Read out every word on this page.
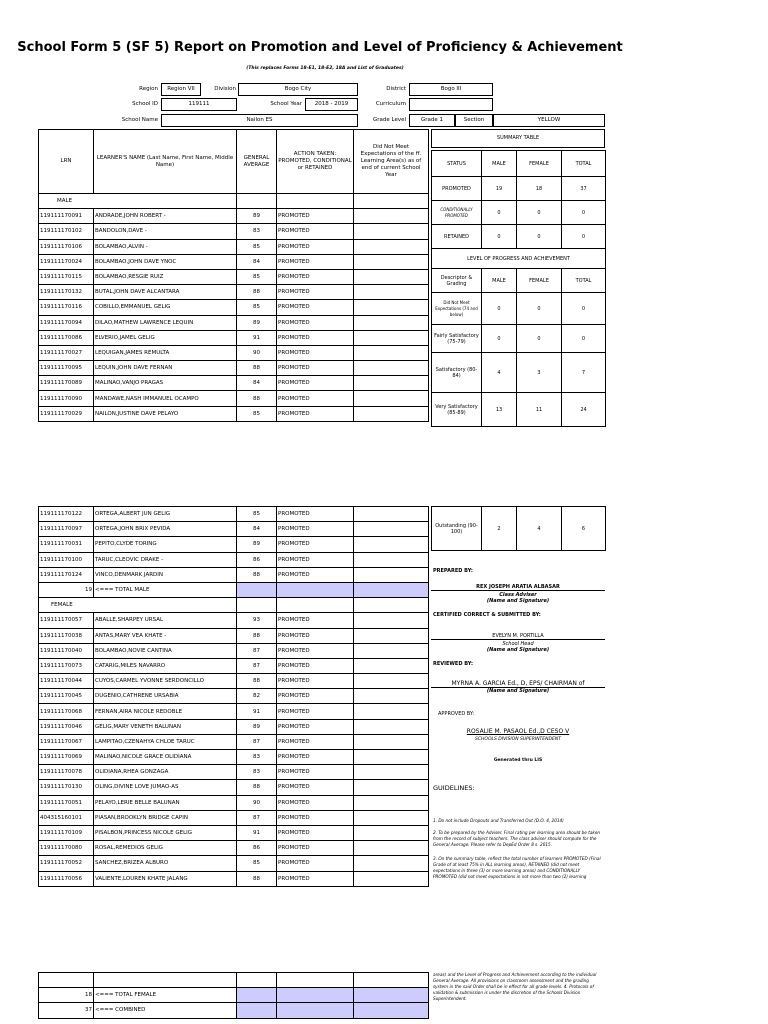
School Form 5 (SF 5) Report on Promotion and Level of Proficiency & Achievement
(This replaces Forms 18-E1, 18-E2, 18A and List of Graduates)
Region	Region VII	Division	Bogo City	District	Bogo III
School ID	119111	School Year	2018 - 2019	Curriculum
School Name	Nailon ES	Grade Level	Grade 1	Section	YELLOW
LRN	LEARNER'S NAME (Last Name, First Name, Middle Name)	GENERAL AVERAGE	ACTION TAKEN: PROMOTED, CONDITIONAL or RETAINED	Did Not Meet Expectations of the ff. Learning Area(s) as of end of current School Year
MALE				
119111170091	ANDRADE,JOHN ROBERT -	89	PROMOTED	
119111170102	BANDOLON,DAVE -	83	PROMOTED	
119111170106	BOLAMBAO,ALVIN -	85	PROMOTED	
119111170024	BOLAMBAO,JOHN DAVE YNOC	84	PROMOTED	
119111170115	BOLAMBAO,RESGIE RUIZ	85	PROMOTED	
119111170132	BUTAL,JOHN DAVE ALCANTARA	88	PROMOTED	
119111170116	COBILLO,EMMANUEL GELIG	85	PROMOTED	
119111170094	DILAO,MATHEW LAWRENCE LEQUIN	89	PROMOTED	
119111170086	ELVERIO,JAMEL GELIG	91	PROMOTED	
119111170027	LEQUIGAN,JAMES REMULTA	90	PROMOTED	
119111170095	LEQUIN,JOHN DAVE FERNAN	88	PROMOTED	
119111170089	MALINAO,VANJO PRAGAS	84	PROMOTED	
119111170090	MANDAWE,NASH IMMANUEL OCAMPO	88	PROMOTED	
119111170029	NAILON,JUSTINE DAVE PELAYO	85	PROMOTED	
119111170122	ORTEGA,ALBERT JUN GELIG	85	PROMOTED	
119111170097	ORTEGA,JOHN BRIX PEVIDA	84	PROMOTED	
119111170031	PEPITO,CLYDE TORING	89	PROMOTED	
119111170100	TARUC,CLEOVIC DRAKE -	86	PROMOTED	
119111170124	VINCO,DENMARK JARDIN	88	PROMOTED	
19	<=== TOTAL MALE			
FEMALE				
119111170057	ABALLE,SHARPEY URSAL	93	PROMOTED	
119111170038	ANTAS,MARY VEA KHATE -	88	PROMOTED	
119111170040	BOLAMBAO,NOVIE CANTINA	87	PROMOTED	
119111170073	CATARIG,MILES NAVARRO	87	PROMOTED	
119111170044	CUYOS,CARMEL YVONNE SERDONCILLO	88	PROMOTED	
119111170045	DUGENIO,CATHRENE URSABIA	82	PROMOTED	
119111170068	FERNAN,AIRA NICOLE REDOBLE	91	PROMOTED	
119111170046	GELIG,MARY VENETH BALUNAN	89	PROMOTED	
119111170067	LAMPITAO,CZENAHYA CHLOE TARUC	87	PROMOTED	
119111170069	MALINAO,NICOLE GRACE OLIDIANA	83	PROMOTED	
119111170078	OLIDIANA,RHEA GONZAGA	83	PROMOTED	
119111170130	OLING,DIVINE LOVE JUMAO-AS	88	PROMOTED	
119111170051	PELAYO,LERIE BELLE BALUNAN	90	PROMOTED	
404315160101	PIASAN,BROOKLYN BRIDGE CAPIN	87	PROMOTED	
119111170109	PISALBON,PRINCESS NICOLE GELIG	91	PROMOTED	
119111170080	ROSAL,REMEDIOS GELIG	86	PROMOTED	
119111170052	SANCHEZ,BRIZEA ALBURO	85	PROMOTED	
119111170056	VALIENTE,LOUREN KHATE JALANG	88	PROMOTED	

18	<=== TOTAL FEMALE			
37	<=== COMBINED			
SUMMARY TABLE
STATUS	MALE	FEMALE	TOTAL
PROMOTED	19	18	37
CONDITIONALLY PROMOTED	0	0	0
RETAINED	0	0	0
LEVEL OF PROGRESS AND ACHIEVEMENT			
Descriptor & Grading	MALE	FEMALE	TOTAL
Did Not Meet Expectations (74 and below)	0	0	0
Fairly Satisfactory (75-79)	0	0	0
Satisfactory (80-84)	4	3	7
Very Satisfactory (85-89)	13	11	24
Outstanding (90-100)	2	4	6
PREPARED BY:
REX JOSEPH ARATIA ALBASAR
Class Adviser
(Name and Signature)
CERTIFIED CORRECT & SUBMITTED BY:
EVELYN M. PORTILLA
School Head
(Name and Signature)
REVIEWED BY:
MYRNA A. GARCIA Ed., D, EPS/ CHAIRMAN of
(Name and Signature)
APPROVED BY:
ROSALIE M. PASAOL Ed.,D CESO V
SCHOOLS DIVISION SUPERINTENDENT
Generated thru LIS
GUIDELINES:
1. Do not include Dropouts and Transferred Out (D.O. 4, 2014)
2. To be prepared by the Adviser. Final rating per learning area should be taken from the record of subject teachers. The class adviser should compute for the General Average. Please refer to DepEd Order 8 s. 2015.
3. On the summary table, reflect the total number of learners PROMOTED (Final Grade of at least 75% in ALL learning areas), RETAINED (did not meet expectations in three (3) or more learning areas) and CONDITIONALLY PROMOTED (did not meet expectations in not more than two (2) learning
areas) and the Level of Progress and Achievement according to the individual General Average. All provisions on classroom assessment and the grading system in the said Order shall be in effect for all grade levels. 4. Protocols of validation & submission is under the discretion of the Schools Division Superintendent.
